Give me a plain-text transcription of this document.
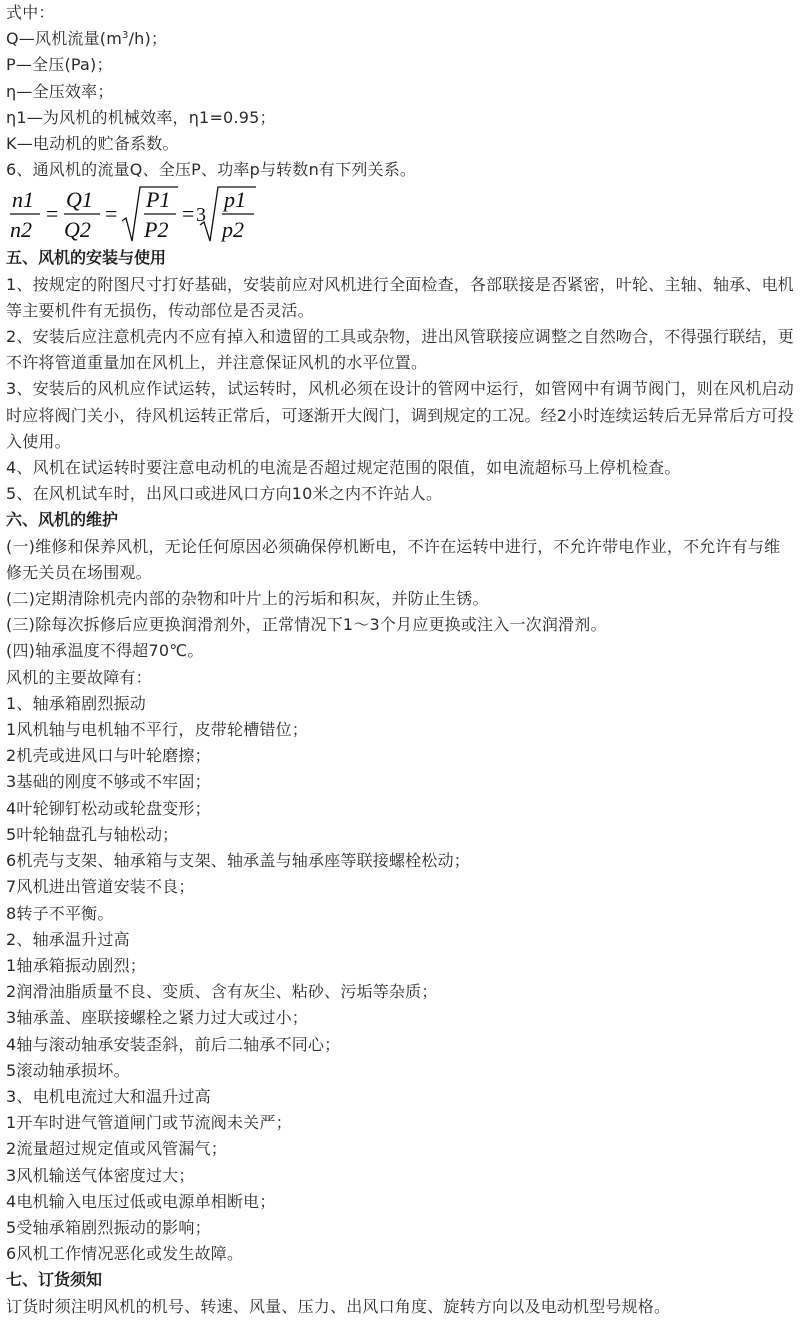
式中：
Q—风机流量$(m^3/h)$；
P—全压(Pa)；
η—全压效率；
η1—为风机的机械效率，η1=0.95；
K—电动机的贮备系数。
6、通风机的流量Q、全压P、功率p与转数n有下列关系。
n1
n2
=
Q1
Q2
=
P1
P2
= 3
p1
p2
五、风机的安装与使用
1、按规定的附图尺寸打好基础，安装前应对风机进行全面检查，各部联接是否紧密，叶轮、主轴、轴承、电机等主要机件有无损伤，传动部位是否灵活。
2、安装后应注意机壳内不应有掉入和遗留的工具或杂物，进出风管联接应调整之自然吻合，不得强行联结，更不许将管道重量加在风机上，并注意保证风机的水平位置。
3、安装后的风机应作试运转，试运转时，风机必须在设计的管网中运行，如管网中有调节阀门，则在风机启动时应将阀门关小，待风机运转正常后，可逐渐开大阀门，调到规定的工况。经2小时连续运转后无异常后方可投入使用。
4、风机在试运转时要注意电动机的电流是否超过规定范围的限值，如电流超标马上停机检查。
5、在风机试车时，出风口或进风口方向10米之内不许站人。
六、风机的维护
(一)维修和保养风机，无论任何原因必须确保停机断电，不许在运转中进行，不允许带电作业，不允许有与维修无关员在场围观。
(二)定期清除机壳内部的杂物和叶片上的污垢和积灰，并防止生锈。
(三)除每次拆修后应更换润滑剂外，正常情况下1～3个月应更换或注入一次润滑剂。
(四)轴承温度不得超70℃。
风机的主要故障有：
1、轴承箱剧烈振动
1风机轴与电机轴不平行，皮带轮槽错位；
2机壳或进风口与叶轮磨擦；
3基础的刚度不够或不牢固；
4叶轮铆钉松动或轮盘变形；
5叶轮轴盘孔与轴松动；
6机壳与支架、轴承箱与支架、轴承盖与轴承座等联接螺栓松动；
7风机进出管道安装不良；
8转子不平衡。
2、轴承温升过高
1轴承箱振动剧烈；
2润滑油脂质量不良、变质、含有灰尘、粘砂、污垢等杂质；
3轴承盖、座联接螺栓之紧力过大或过小；
4轴与滚动轴承安装歪斜，前后二轴承不同心；
5滚动轴承损坏。
3、电机电流过大和温升过高
1开车时进气管道闸门或节流阀未关严；
2流量超过规定值或风管漏气；
3风机输送气体密度过大；
4电机输入电压过低或电源单相断电；
5受轴承箱剧烈振动的影响；
6风机工作情况恶化或发生故障。
七、订货须知
订货时须注明风机的机号、转速、风量、压力、出风口角度、旋转方向以及电动机型号规格。
